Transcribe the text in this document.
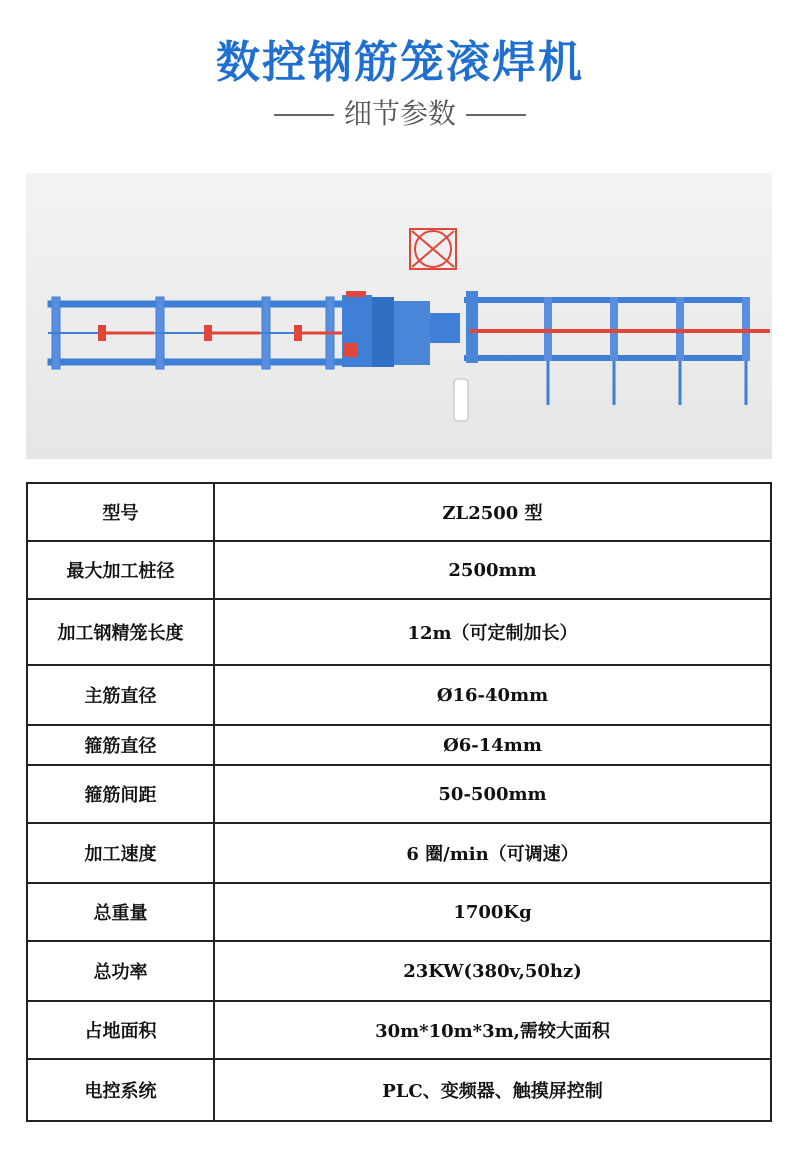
数控钢筋笼滚焊机
细节参数
型号	ZL2500 型
最大加工桩径	2500mm
加工钢精笼长度	12m（可定制加长）
主筋直径	Ø16-40mm
箍筋直径	Ø6-14mm
箍筋间距	50-500mm
加工速度	6 圈/min（可调速）
总重量	1700Kg
总功率	23KW(380v,50hz)
占地面积	30m*10m*3m,需较大面积
电控系统	PLC、变频器、触摸屏控制
